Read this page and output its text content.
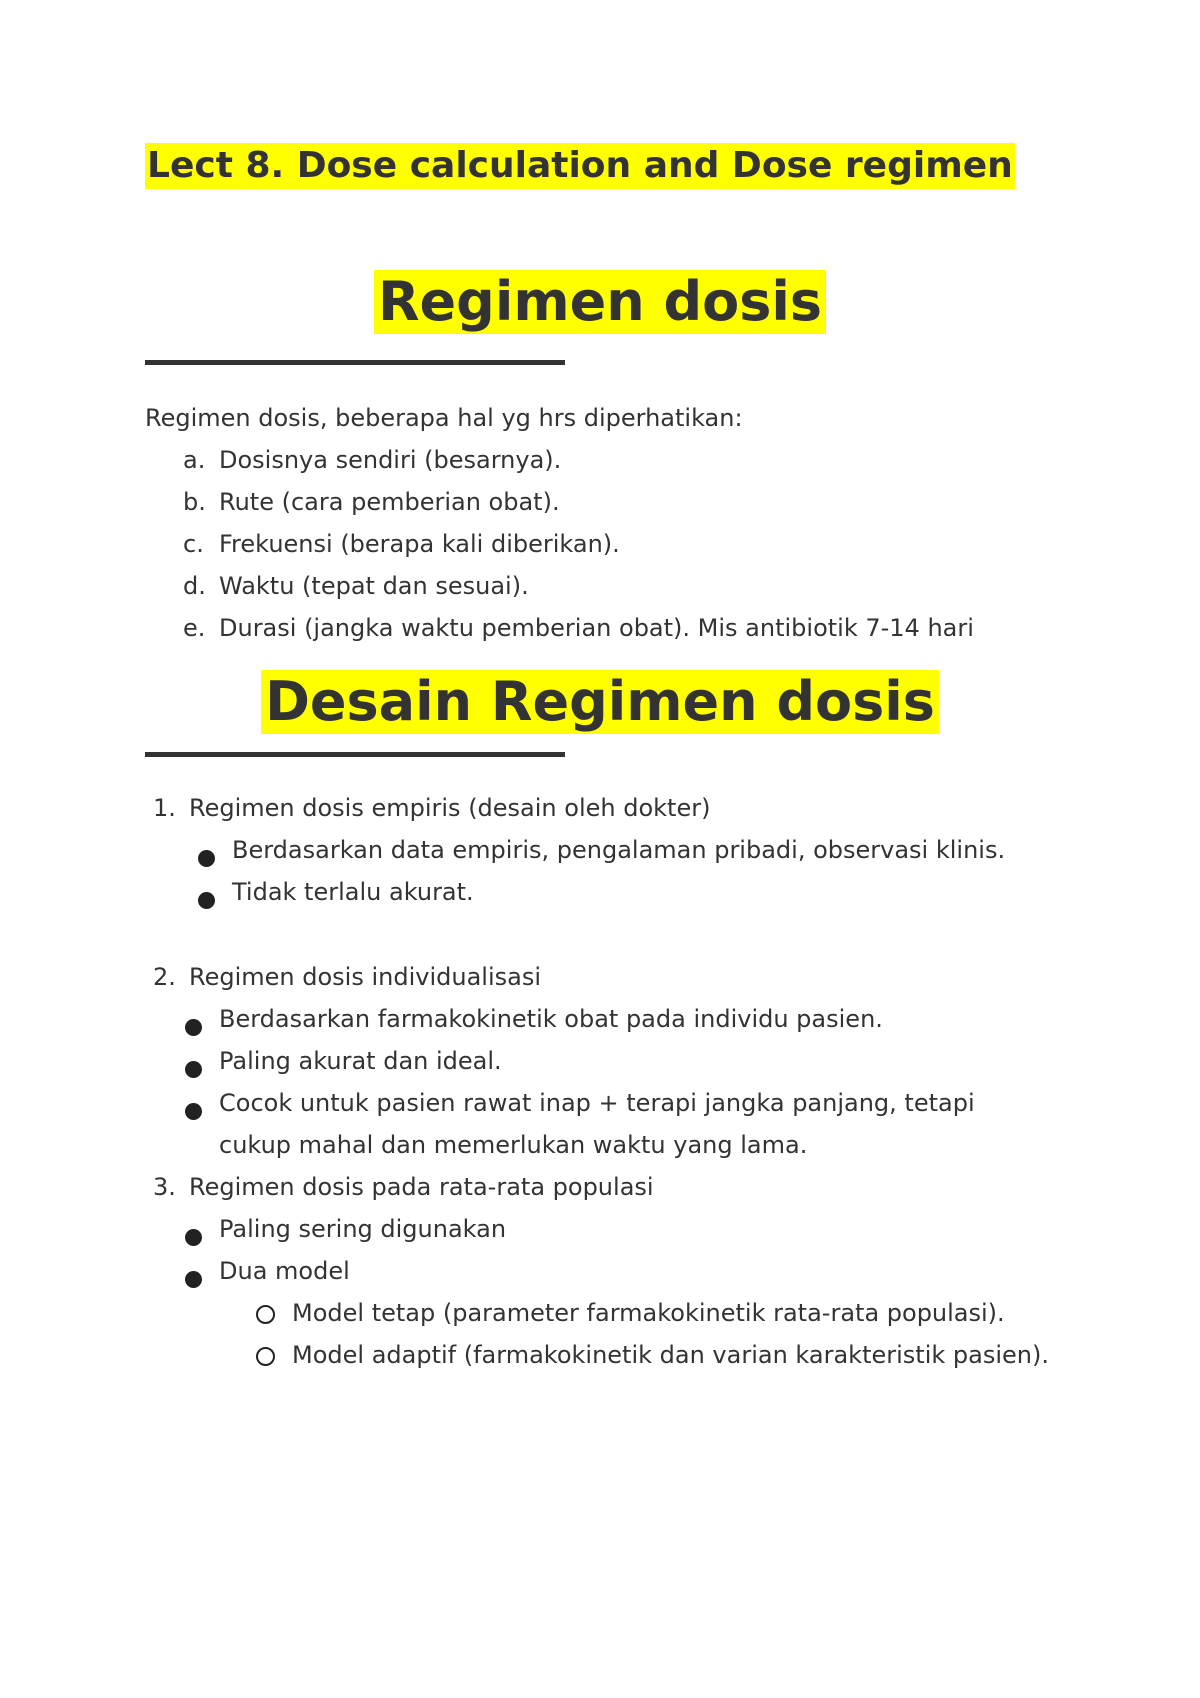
Lect 8. Dose calculation and Dose regimen
Regimen dosis
Regimen dosis, beberapa hal yg hrs diperhatikan:
a. Dosisnya sendiri (besarnya).
b. Rute (cara pemberian obat).
c. Frekuensi (berapa kali diberikan).
d. Waktu (tepat dan sesuai).
e. Durasi (jangka waktu pemberian obat). Mis antibiotik 7-14 hari
Desain Regimen dosis
1. Regimen dosis empiris (desain oleh dokter)
Berdasarkan data empiris, pengalaman pribadi, observasi klinis.
Tidak terlalu akurat.
2. Regimen dosis individualisasi
Berdasarkan farmakokinetik obat pada individu pasien.
Paling akurat dan ideal.
Cocok untuk pasien rawat inap + terapi jangka panjang, tetapi
cukup mahal dan memerlukan waktu yang lama.
3. Regimen dosis pada rata-rata populasi
Paling sering digunakan
Dua model
Model tetap (parameter farmakokinetik rata-rata populasi).
Model adaptif (farmakokinetik dan varian karakteristik pasien).
